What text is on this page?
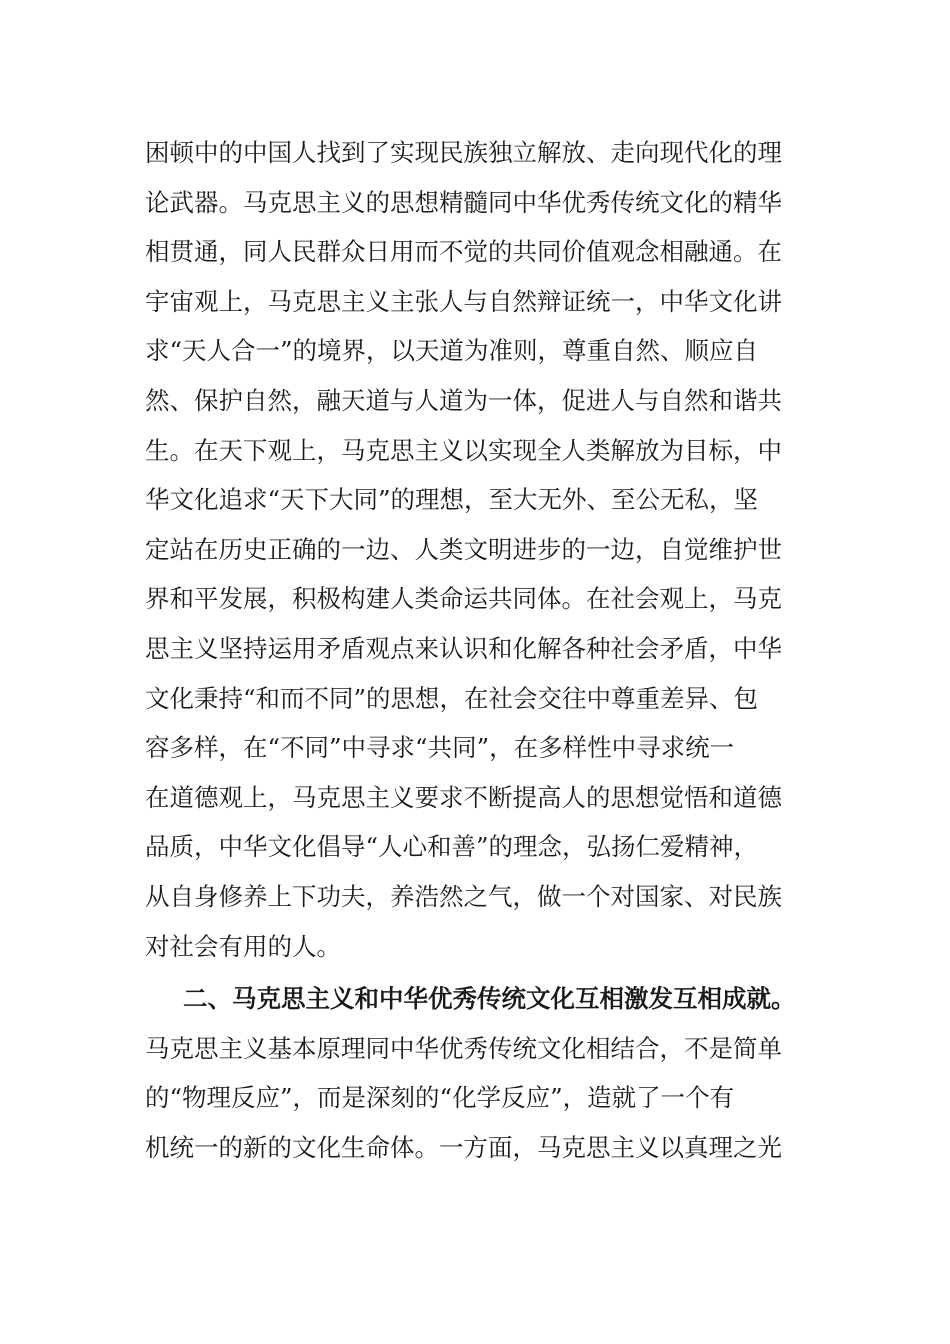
困顿中的中国人找到了实现民族独立解放、走向现代化的理
论武器。马克思主义的思想精髓同中华优秀传统文化的精华
相贯通，同人民群众日用而不觉的共同价值观念相融通。在
宇宙观上，马克思主义主张人与自然辩证统一，中华文化讲
求“天人合一”的境界，以天道为准则，尊重自然、顺应自
然、保护自然，融天道与人道为一体，促进人与自然和谐共
生。在天下观上，马克思主义以实现全人类解放为目标，中
华文化追求“天下大同”的理想，至大无外、至公无私，坚
定站在历史正确的一边、人类文明进步的一边，自觉维护世
界和平发展，积极构建人类命运共同体。在社会观上，马克
思主义坚持运用矛盾观点来认识和化解各种社会矛盾，中华
文化秉持“和而不同”的思想，在社会交往中尊重差异、包
容多样，在“不同”中寻求“共同”，在多样性中寻求统一
在道德观上，马克思主义要求不断提高人的思想觉悟和道德
品质，中华文化倡导“人心和善”的理念，弘扬仁爱精神，
从自身修养上下功夫，养浩然之气，做一个对国家、对民族
对社会有用的人。
二、马克思主义和中华优秀传统文化互相激发互相成就。
马克思主义基本原理同中华优秀传统文化相结合，不是简单
的“物理反应”，而是深刻的“化学反应”，造就了一个有
机统一的新的文化生命体。一方面，马克思主义以真理之光
